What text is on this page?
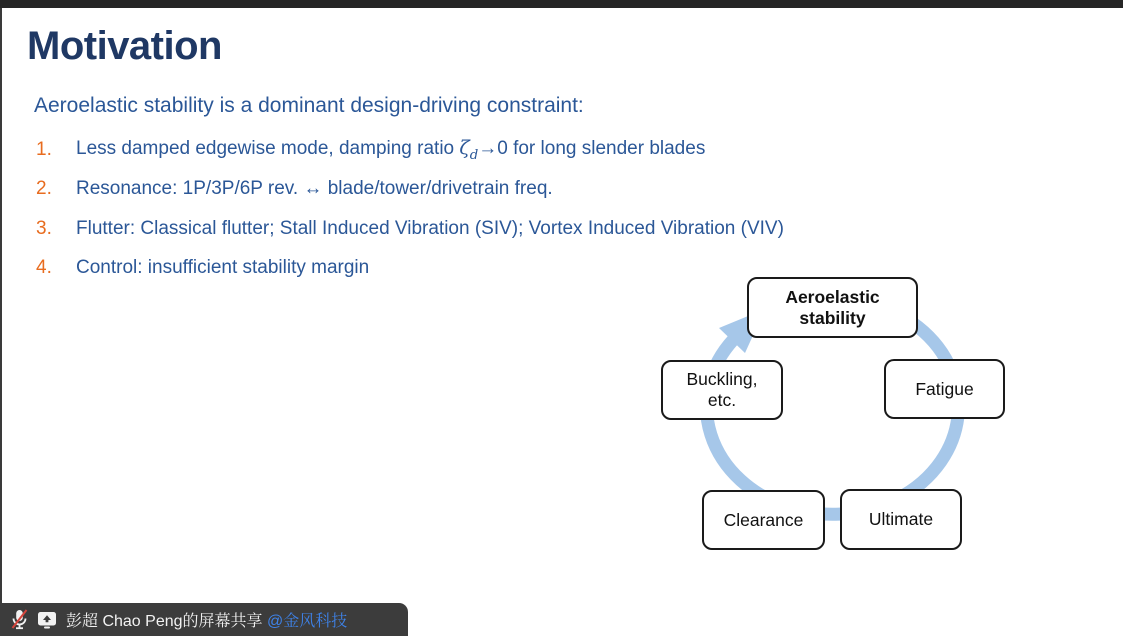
Motivation
Aeroelastic stability is a dominant design-driving constraint:
1.	Less damped edgewise mode, damping ratio $\zeta_d\to 0$ for long slender blades
2.	Resonance: 1P/3P/6P rev. ↔ blade/tower/drivetrain freq.
3.	Flutter: Classical flutter; Stall Induced Vibration (SIV); Vortex Induced Vibration (VIV)
4.	Control: insufficient stability margin
Aeroelastic stability
Fatigue
Ultimate
Clearance
Buckling, etc.
彭超 Chao Peng的屏幕共享 @金风科技
